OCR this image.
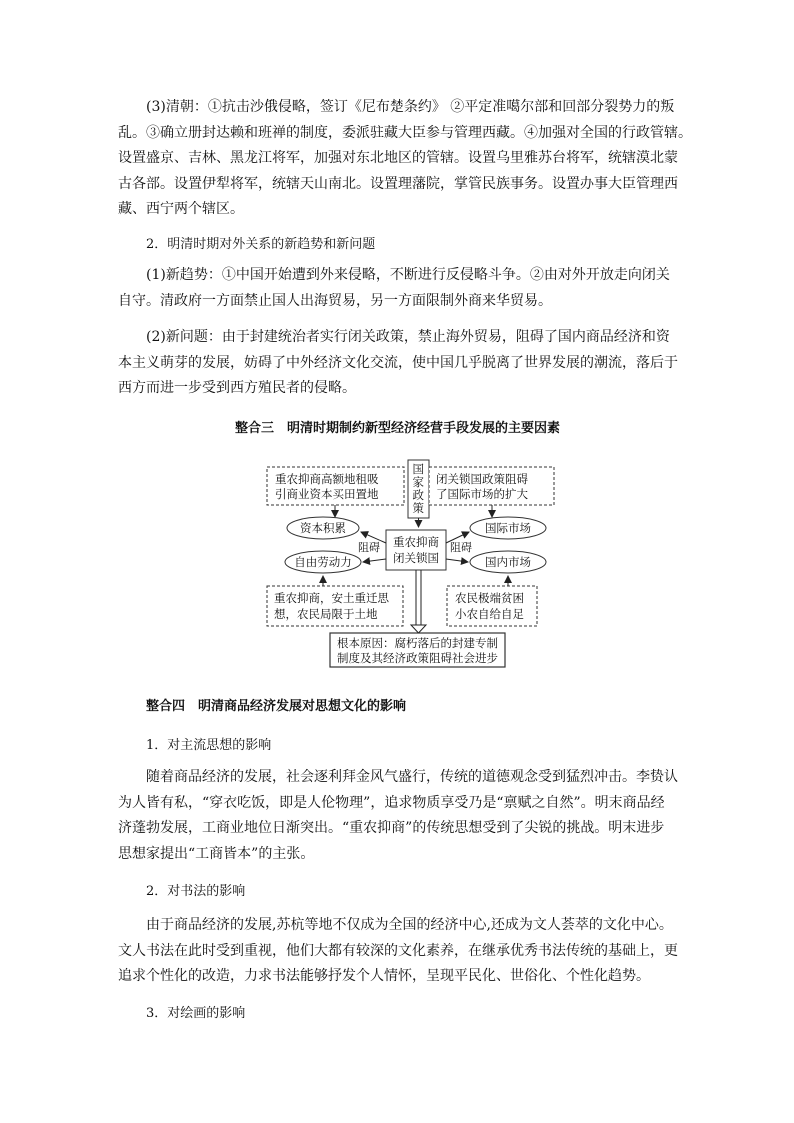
(3)清朝：①抗击沙俄侵略，签订《尼布楚条约》 ②平定准噶尔部和回部分裂势力的叛
乱。③确立册封达赖和班禅的制度，委派驻藏大臣参与管理西藏。④加强对全国的行政管辖。
设置盛京、吉林、黑龙江将军，加强对东北地区的管辖。设置乌里雅苏台将军，统辖漠北蒙
古各部。设置伊犁将军，统辖天山南北。设置理藩院，掌管民族事务。设置办事大臣管理西
藏、西宁两个辖区。

2．明清时期对外关系的新趋势和新问题

(1)新趋势：①中国开始遭到外来侵略，不断进行反侵略斗争。②由对外开放走向闭关
自守。清政府一方面禁止国人出海贸易，另一方面限制外商来华贸易。
(2)新问题：由于封建统治者实行闭关政策，禁止海外贸易，阻碍了国内商品经济和资
本主义萌芽的发展，妨碍了中外经济文化交流，使中国几乎脱离了世界发展的潮流，落后于
西方而进一步受到西方殖民者的侵略。

整合三　明清时期制约新型经济经营手段发展的主要因素

重农抑商高额地租吸
引商业资本买田置地
国
家
政
策
闭关锁国政策阻碍
了国际市场的扩大
资本积累
自由劳动力
重农抑商
闭关锁国
国际市场
国内市场
阻碍	阻碍
重农抑商，安土重迁思
想，农民局限于土地
农民极端贫困
小农自给自足
根本原因：腐朽落后的封建专制
制度及其经济政策阻碍社会进步

整合四　明清商品经济发展对思想文化的影响

1．对主流思想的影响

随着商品经济的发展，社会逐利拜金风气盛行，传统的道德观念受到猛烈冲击。李贽认
为人皆有私，“穿衣吃饭，即是人伦物理”，追求物质享受乃是“禀赋之自然”。明末商品经
济蓬勃发展，工商业地位日渐突出。“重农抑商”的传统思想受到了尖锐的挑战。明末进步
思想家提出“工商皆本”的主张。

2．对书法的影响

由于商品经济的发展,苏杭等地不仅成为全国的经济中心,还成为文人荟萃的文化中心。
文人书法在此时受到重视，他们大都有较深的文化素养，在继承优秀书法传统的基础上，更
追求个性化的改造，力求书法能够抒发个人情怀，呈现平民化、世俗化、个性化趋势。

3．对绘画的影响
